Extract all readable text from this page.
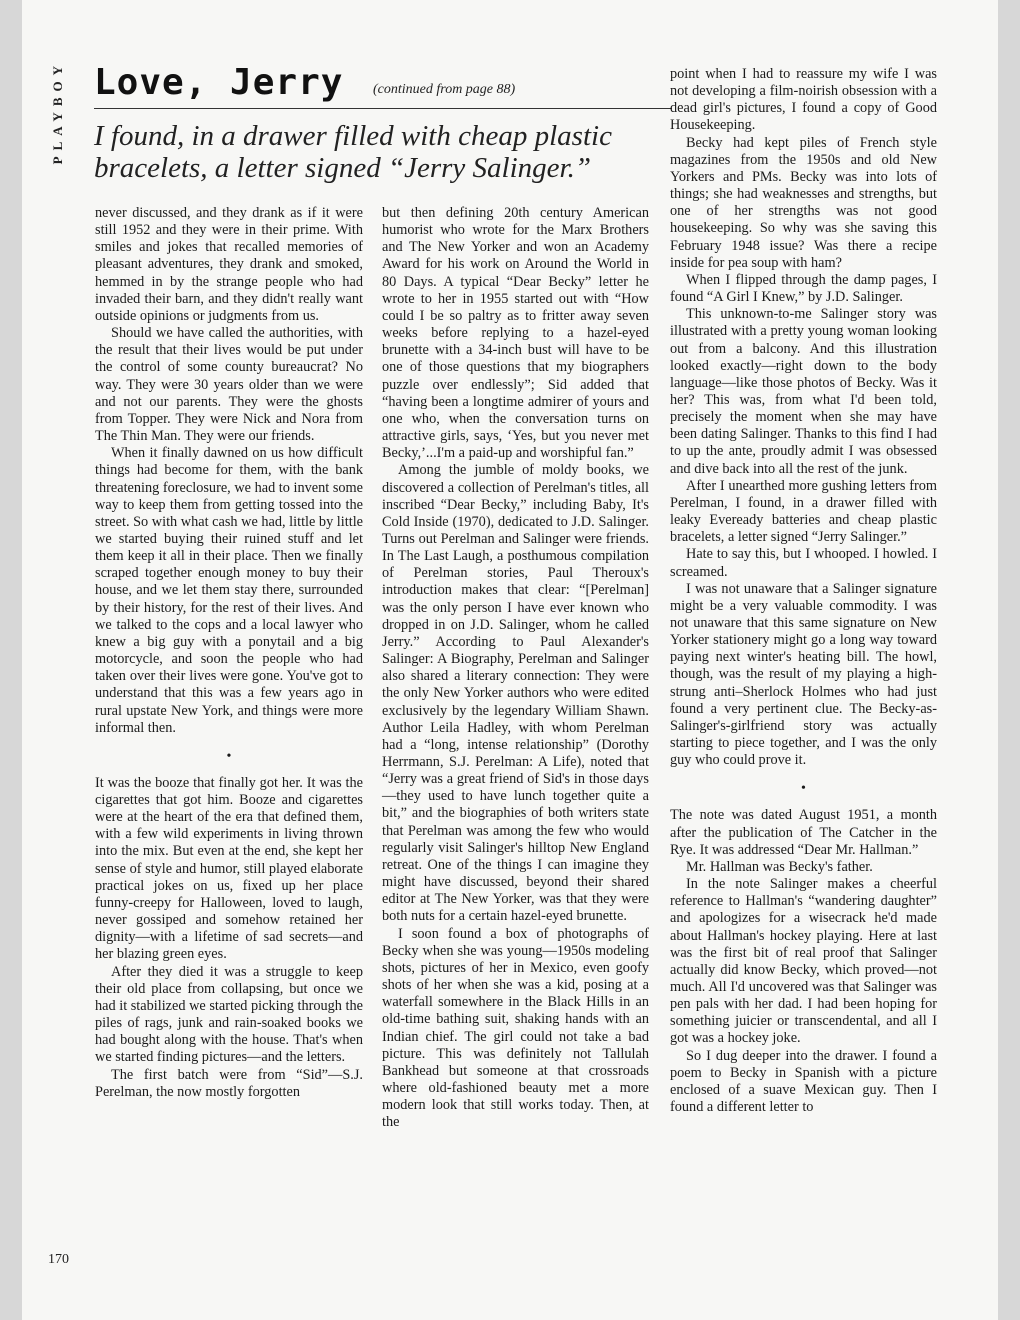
PLAYBOY Love, Jerry (continued from page 88)
I found, in a drawer filled with cheap plastic bracelets, a letter signed “Jerry Salinger.”

never discussed, and they drank as if it were still 1952 and they were in their prime. With smiles and jokes that recalled memories of pleasant adventures, they drank and smoked, hemmed in by the strange people who had invaded their barn, and they didn't really want outside opinions or judgments from us.

Should we have called the authorities, with the result that their lives would be put under the control of some county bureaucrat? No way. They were 30 years older than we were and not our parents. They were the ghosts from Topper. They were Nick and Nora from The Thin Man. They were our friends.

When it finally dawned on us how difficult things had become for them, with the bank threatening foreclosure, we had to invent some way to keep them from getting tossed into the street. So with what cash we had, little by little we started buying their ruined stuff and let them keep it all in their place. Then we finally scraped together enough money to buy their house, and we let them stay there, surrounded by their history, for the rest of their lives. And we talked to the cops and a local lawyer who knew a big guy with a ponytail and a big motorcycle, and soon the people who had taken over their lives were gone. You've got to understand that this was a few years ago in rural upstate New York, and things were more informal then.

•

It was the booze that finally got her. It was the cigarettes that got him. Booze and cigarettes were at the heart of the era that defined them, with a few wild experiments in living thrown into the mix. But even at the end, she kept her sense of style and humor, still played elaborate practical jokes on us, fixed up her place funny-creepy for Halloween, loved to laugh, never gossiped and somehow retained her dignity—with a lifetime of sad secrets—and her blazing green eyes.

After they died it was a struggle to keep their old place from collapsing, but once we had it stabilized we started picking through the piles of rags, junk and rain-soaked books we had bought along with the house. That's when we started finding pictures—and the letters.

The first batch were from “Sid”—S.J. Perelman, the now mostly forgotten

but then defining 20th century American humorist who wrote for the Marx Brothers and The New Yorker and won an Academy Award for his work on Around the World in 80 Days. A typical “Dear Becky” letter he wrote to her in 1955 started out with “How could I be so paltry as to fritter away seven weeks before replying to a hazel-eyed brunette with a 34-inch bust will have to be one of those questions that my biographers puzzle over endlessly”; Sid added that “having been a longtime admirer of yours and one who, when the conversation turns on attractive girls, says, ‘Yes, but you never met Becky,’...I'm a paid-up and worshipful fan.”

Among the jumble of moldy books, we discovered a collection of Perelman's titles, all inscribed “Dear Becky,” including Baby, It's Cold Inside (1970), dedicated to J.D. Salinger. Turns out Perelman and Salinger were friends. In The Last Laugh, a posthumous compilation of Perelman stories, Paul Theroux's introduction makes that clear: “[Perelman] was the only person I have ever known who dropped in on J.D. Salinger, whom he called Jerry.” According to Paul Alexander's Salinger: A Biography, Perelman and Salinger also shared a literary connection: They were the only New Yorker authors who were edited exclusively by the legendary William Shawn. Author Leila Hadley, with whom Perelman had a “long, intense relationship” (Dorothy Herrmann, S.J. Perelman: A Life), noted that “Jerry was a great friend of Sid's in those days—they used to have lunch together quite a bit,” and the biographies of both writers state that Perelman was among the few who would regularly visit Salinger's hilltop New England retreat. One of the things I can imagine they might have discussed, beyond their shared editor at The New Yorker, was that they were both nuts for a certain hazel-eyed brunette.

I soon found a box of photographs of Becky when she was young—1950s modeling shots, pictures of her in Mexico, even goofy shots of her when she was a kid, posing at a waterfall somewhere in the Black Hills in an old-time bathing suit, shaking hands with an Indian chief. The girl could not take a bad picture. This was definitely not Tallulah Bankhead but someone at that crossroads where old-fashioned beauty met a more modern look that still works today. Then, at the

point when I had to reassure my wife I was not developing a film-noirish obsession with a dead girl's pictures, I found a copy of Good Housekeeping.

Becky had kept piles of French style magazines from the 1950s and old New Yorkers and PMs. Becky was into lots of things; she had weaknesses and strengths, but one of her strengths was not good housekeeping. So why was she saving this February 1948 issue? Was there a recipe inside for pea soup with ham?

When I flipped through the damp pages, I found “A Girl I Knew,” by J.D. Salinger.

This unknown-to-me Salinger story was illustrated with a pretty young woman looking out from a balcony. And this illustration looked exactly—right down to the body language—like those photos of Becky. Was it her? This was, from what I'd been told, precisely the moment when she may have been dating Salinger. Thanks to this find I had to up the ante, proudly admit I was obsessed and dive back into all the rest of the junk.

After I unearthed more gushing letters from Perelman, I found, in a drawer filled with leaky Eveready batteries and cheap plastic bracelets, a letter signed “Jerry Salinger.”

Hate to say this, but I whooped. I howled. I screamed.

I was not unaware that a Salinger signature might be a very valuable commodity. I was not unaware that this same signature on New Yorker stationery might go a long way toward paying next winter's heating bill. The howl, though, was the result of my playing a high-strung anti–Sherlock Holmes who had just found a very pertinent clue. The Becky-as-Salinger's-girlfriend story was actually starting to piece together, and I was the only guy who could prove it.

•

The note was dated August 1951, a month after the publication of The Catcher in the Rye. It was addressed “Dear Mr. Hallman.”

Mr. Hallman was Becky's father.

In the note Salinger makes a cheerful reference to Hallman's “wandering daughter” and apologizes for a wisecrack he'd made about Hallman's hockey playing. Here at last was the first bit of real proof that Salinger actually did know Becky, which proved—not much. All I'd uncovered was that Salinger was pen pals with her dad. I had been hoping for something juicier or transcendental, and all I got was a hockey joke.

So I dug deeper into the drawer. I found a poem to Becky in Spanish with a picture enclosed of a suave Mexican guy. Then I found a different letter to

170
